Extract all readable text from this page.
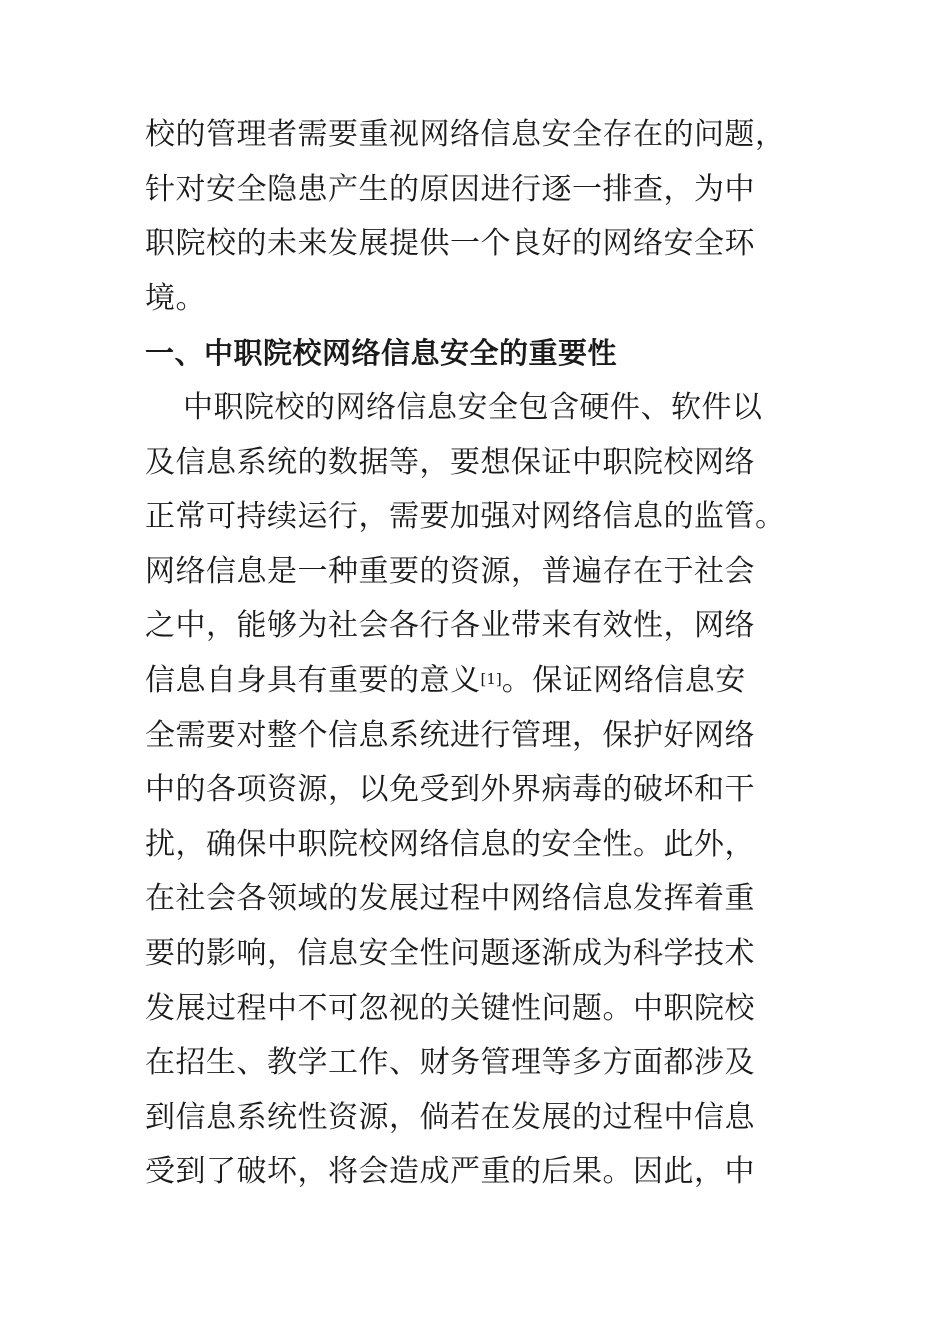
校的管理者需要重视网络信息安全存在的问题，
针对安全隐患产生的原因进行逐一排查，为中
职院校的未来发展提供一个良好的网络安全环
境。
一、中职院校网络信息安全的重要性
中职院校的网络信息安全包含硬件、软件以
及信息系统的数据等，要想保证中职院校网络
正常可持续运行，需要加强对网络信息的监管。
网络信息是一种重要的资源，普遍存在于社会
之中，能够为社会各行各业带来有效性，网络
信息自身具有重要的意义[1]。保证网络信息安
全需要对整个信息系统进行管理，保护好网络
中的各项资源，以免受到外界病毒的破坏和干
扰，确保中职院校网络信息的安全性。此外，
在社会各领域的发展过程中网络信息发挥着重
要的影响，信息安全性问题逐渐成为科学技术
发展过程中不可忽视的关键性问题。中职院校
在招生、教学工作、财务管理等多方面都涉及
到信息系统性资源，倘若在发展的过程中信息
受到了破坏，将会造成严重的后果。因此，中
